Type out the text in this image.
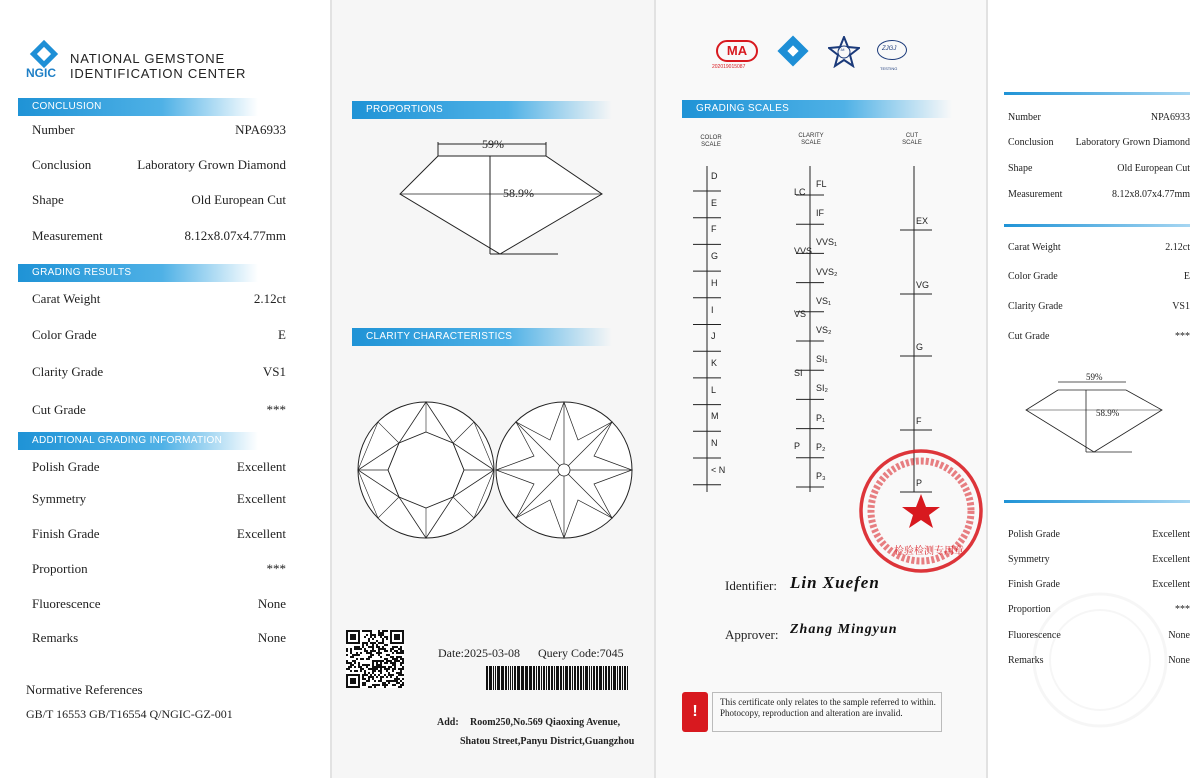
NGIC
NATIONAL GEMSTONE
IDENTIFICATION CENTER
CONCLUSION
Number	NPA6933
Conclusion	Laboratory Grown Diamond
Shape	Old European Cut
Measurement	8.12x8.07x4.77mm
GRADING RESULTS
Carat Weight	2.12ct
Color Grade	E
Clarity Grade	VS1
Cut Grade	***
ADDITIONAL GRADING INFORMATION
Polish Grade	Excellent
Symmetry	Excellent
Finish Grade	Excellent
Proportion	***
Fluorescence	None
Remarks	None
Normative References
GB/T 16553 GB/T16554 Q/NGIC-GZ-001
PROPORTIONS
59%
58.9%
CLARITY CHARACTERISTICS
Date:2025-03-08 Query Code:7045
Add: Room250,No.569 Qiaoxing Avenue,
Shatou Street,Panyu District,Guangzhou
MA
202019015087
F.M	ZJGJ
TESTING
GRADING SCALES
COLOR
SCALE
CLARITY
SCALE
CUT
SCALE
D
E
F
G
H
I
J
K
L
M
N
< N
FL
IF
VVS₁
VVS₂
VS₁
VS₂
SI₁
SI₂
P₁
P₂
P₃
LC
VVS
VS
SI
P
EX
VG
G
F
P
检验检测专用章
Identifier: Lin Xuefen
Approver: Zhang Mingyun
!
This certificate only relates to the sample referred to within. Photocopy, reproduction and alteration are invalid.
Number	NPA6933
Conclusion Laboratory Grown Diamond
Shape	Old European Cut
Measurement	8.12x8.07x4.77mm
Carat Weight	2.12ct
Color Grade	E
Clarity Grade	VS1
Cut Grade	***
Polish Grade	Excellent
Symmetry	Excellent
Finish Grade	Excellent
Proportion	***
Fluorescence	None
Remarks	None
59%
58.9%
